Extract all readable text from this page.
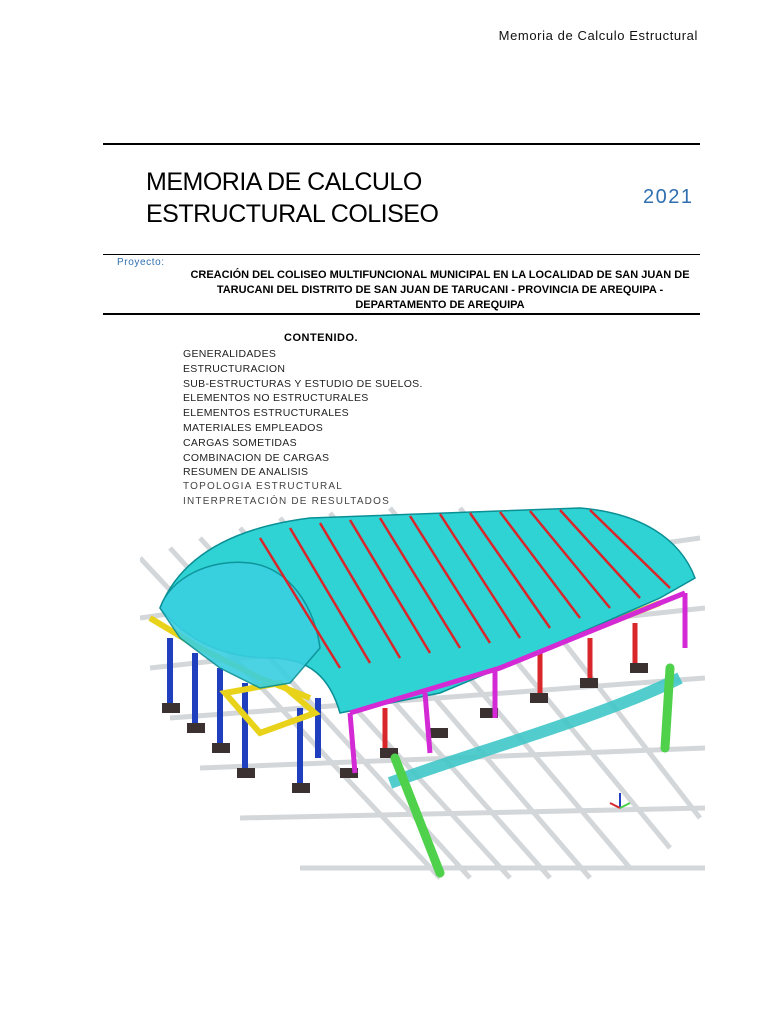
Memoria de Calculo Estructural
MEMORIA DE CALCULO
ESTRUCTURAL COLISEO
2021
Proyecto:
CREACIÓN DEL COLISEO MULTIFUNCIONAL MUNICIPAL EN LA LOCALIDAD DE SAN JUAN DE TARUCANI DEL DISTRITO DE SAN JUAN DE TARUCANI - PROVINCIA DE AREQUIPA - DEPARTAMENTO DE AREQUIPA
CONTENIDO.
GENERALIDADES
ESTRUCTURACION
SUB-ESTRUCTURAS Y ESTUDIO DE SUELOS.
ELEMENTOS NO ESTRUCTURALES
ELEMENTOS ESTRUCTURALES
MATERIALES EMPLEADOS
CARGAS SOMETIDAS
COMBINACION DE CARGAS
RESUMEN DE ANALISIS
TOPOLOGIA ESTRUCTURAL
INTERPRETACIÓN DE RESULTADOS
